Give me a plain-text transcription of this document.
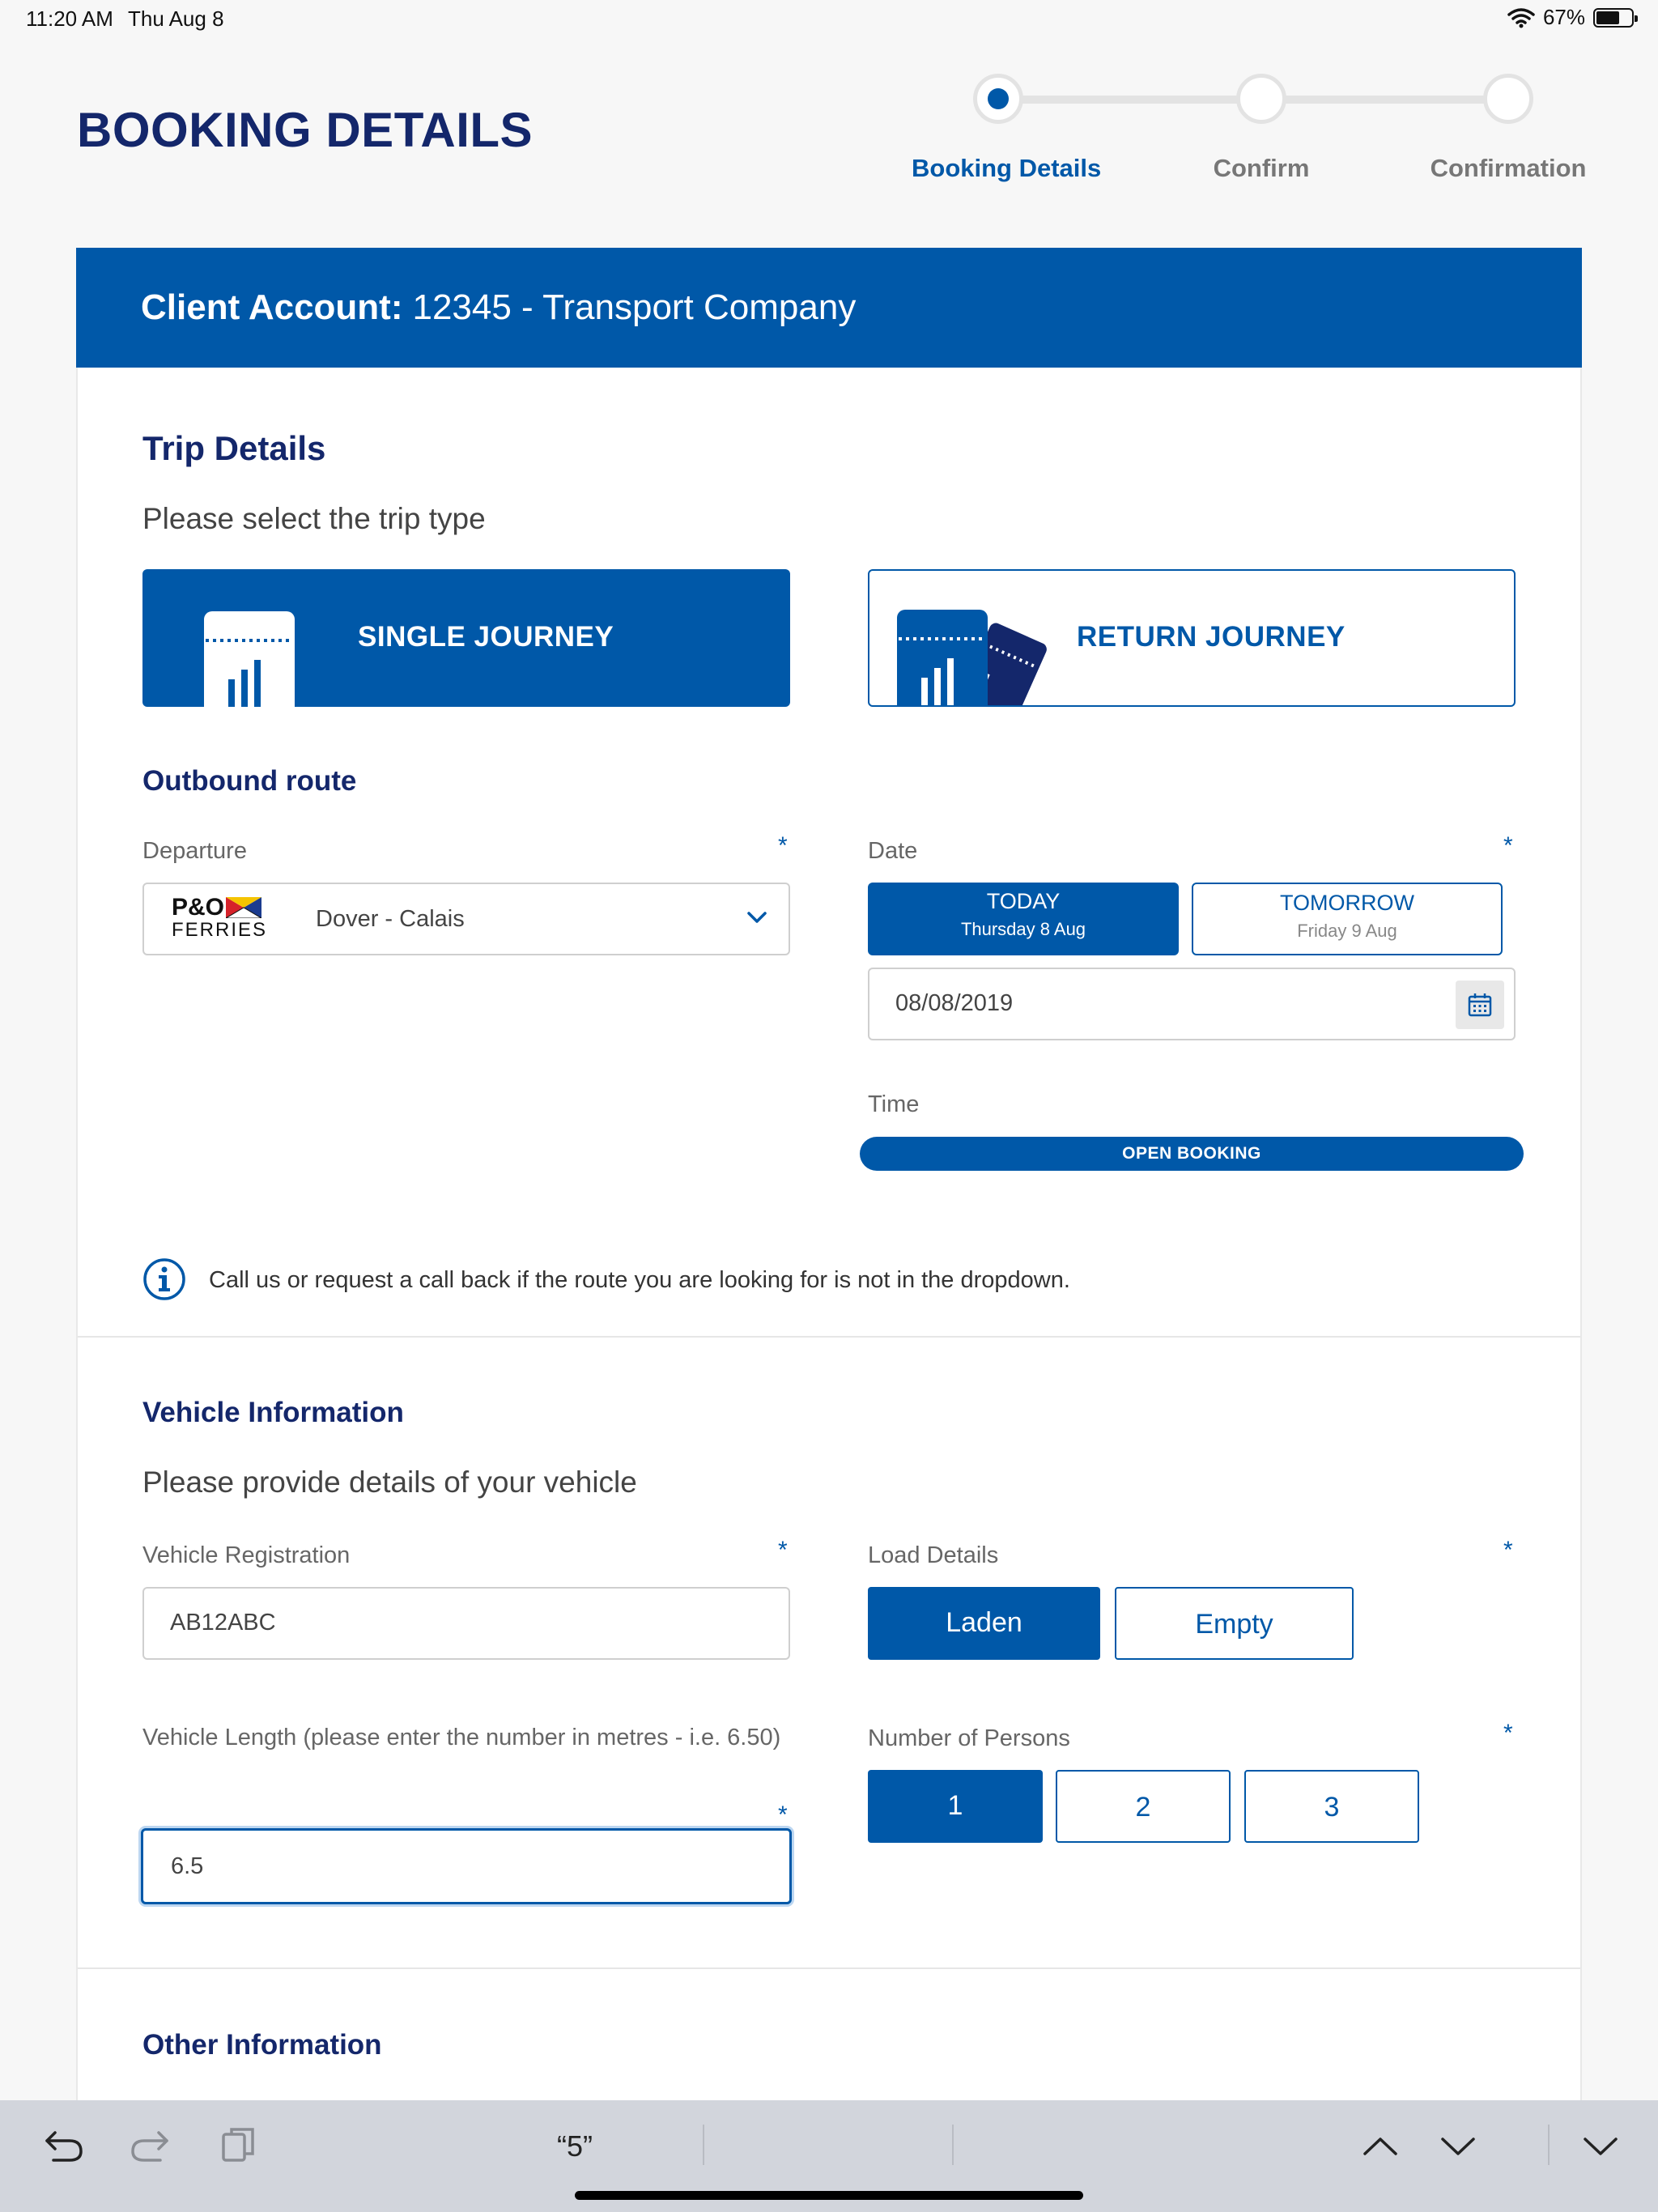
11:20 AM Thu Aug 8	67%
BOOKING DETAILS
Booking Details	Confirm	Confirmation
Client Account: 12345 - Transport Company
Trip Details
Please select the trip type
SINGLE JOURNEY	RETURN JOURNEY
Outbound route
Departure	*
P&O
FERRIES Dover - Calais
Date	*
TODAY
Thursday 8 Aug
TOMORROW
Friday 9 Aug
08/08/2019
Time
OPEN BOOKING
Call us or request a call back if the route you are looking for is not in the dropdown.
Vehicle Information
Please provide details of your vehicle
Vehicle Registration	*
AB12ABC
Vehicle Length (please enter the number in metres - i.e. 6.50)
*
6.5
Load Details	*
Laden	Empty
Number of Persons	*
1	2	3
Other Information
“5”
